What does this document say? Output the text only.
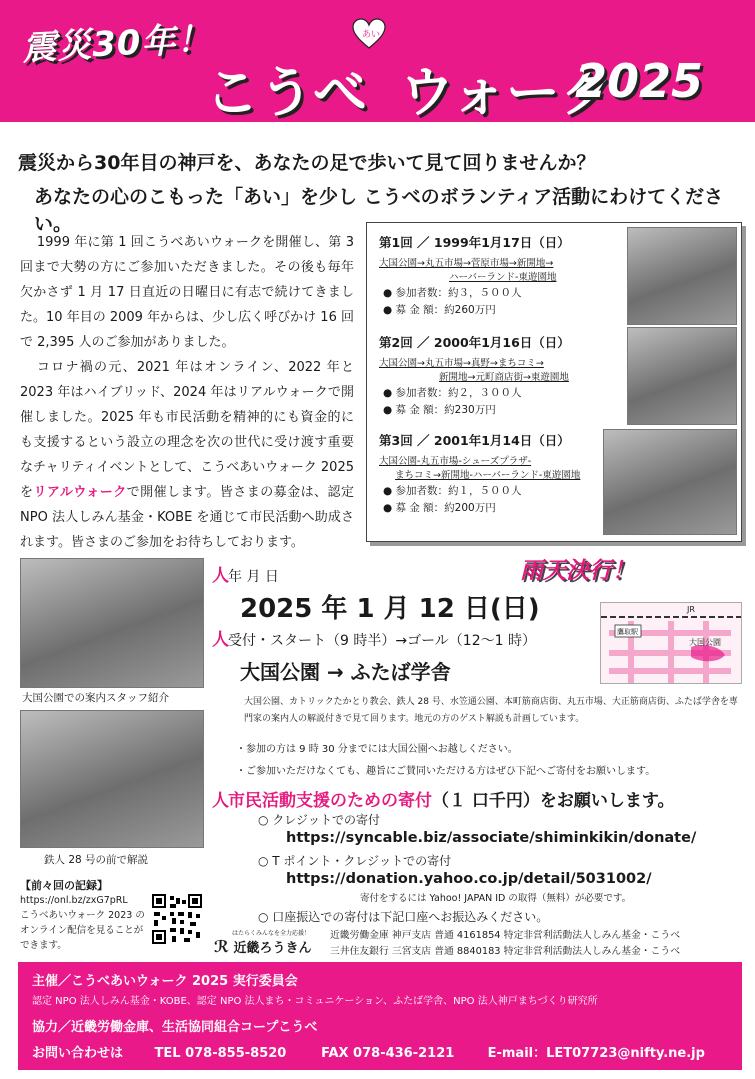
震災30年！
こうべ
あい
ウォーク
2025
震災から30年目の神戸を、あなたの足で歩いて見て回りませんか？
あなたの心のこもった「あい」を少し こうべのボランティア活動にわけてください。

1999 年に第 1 回こうべあいウォークを開催し、第 3 回まで大勢の方にご参加いただきました。その後も毎年欠かさず 1 月 17 日直近の日曜日に有志で続けてきました。10 年目の 2009 年からは、少し広く呼びかけ 16 回で 2,395 人のご参加がありました。

コロナ禍の元、2021 年はオンライン、2022 年と 2023 年はハイブリッド、2024 年はリアルウォークで開催しました。2025 年も市民活動を精神的にも資金的にも支援するという設立の理念を次の世代に受け渡す重要なチャリティイベントとして、こうべあいウォーク 2025 をリアルウォークで開催します。皆さまの募金は、認定 NPO 法人しみん基金・KOBE を通じて市民活動へ助成されます。皆さまのご参加をお待ちしております。

第1回 ／ 1999年1月17日（日）
大国公園→丸五市場→菅原市場→新開地→
ハーバーランド-東遊園地
● 参加者数：約３，５００人
● 募 金 額：約260万円
第2回 ／ 2000年1月16日（日）
大国公園→丸五市場→真野→まちコミ→
新開地→元町商店街→東遊園地
● 参加者数：約２，３００人
● 募 金 額：約230万円
第3回 ／ 2001年1月14日（日）
大国公園-丸五市場-シューズプラザ-
まちコミ→新開地-ハーバーランド-東遊園地
● 参加者数：約１，５００人
● 募 金 額：約200万円
大国公園での案内スタッフ紹介
鉄人 28 号の前で解説
雨天決行！
人年 月 日
2025 年 1 月 12 日(日)
人受付・スタート（9 時半）→ゴール（12～1 時）
大国公園 → ふたば学舎
JR
鷹取駅
大国公園
大国公園、カトリックたかとり教会、鉄人 28 号、水笠通公園、本町筋商店街、丸五市場、大正筋商店街、ふたば学舎を専門家の案内人の解説付きで見て回ります。地元の方のゲスト解説も計画しています。
・参加の方は 9 時 30 分までには大国公園へお越しください。
・ご参加いただけなくても、趣旨にご賛同いただける方はぜひ下記へご寄付をお願いします。
人市民活動支援のための寄付（１ 口千円）をお願いします。
○ クレジットでの寄付
https://syncable.biz/associate/shiminkikin/donate/
○ T ポイント・クレジットでの寄付
https://donation.yahoo.co.jp/detail/5031002/
寄付をするには Yahoo! JAPAN ID の取得（無料）が必要です。
○ 口座振込での寄付は下記口座へお振込みください。
はたらくみんなを全力応援！
ℛ 近畿ろうきん
近畿労働金庫 神戸支店 普通 4161854 特定非営利活動法人しみん基金・こうべ
三井住友銀行 三宮支店 普通 8840183 特定非営利活動法人しみん基金・こうべ
【前々回の記録】
https://onl.bz/zxG7pRL
こうべあいウォーク 2023 のオンライン配信を見ることができます。
主催／こうべあいウォーク 2025 実行委員会
認定 NPO 法人しみん基金・KOBE、認定 NPO 法人まち・コミュニケーション、ふたば学舎、NPO 法人神戸まちづくり研究所
協力／近畿労働金庫、生活協同組合コープこうべ
お問い合わせは TEL 078-855-8520	FAX 078-436-2121	E-mail：LET07723@nifty.ne.jp
